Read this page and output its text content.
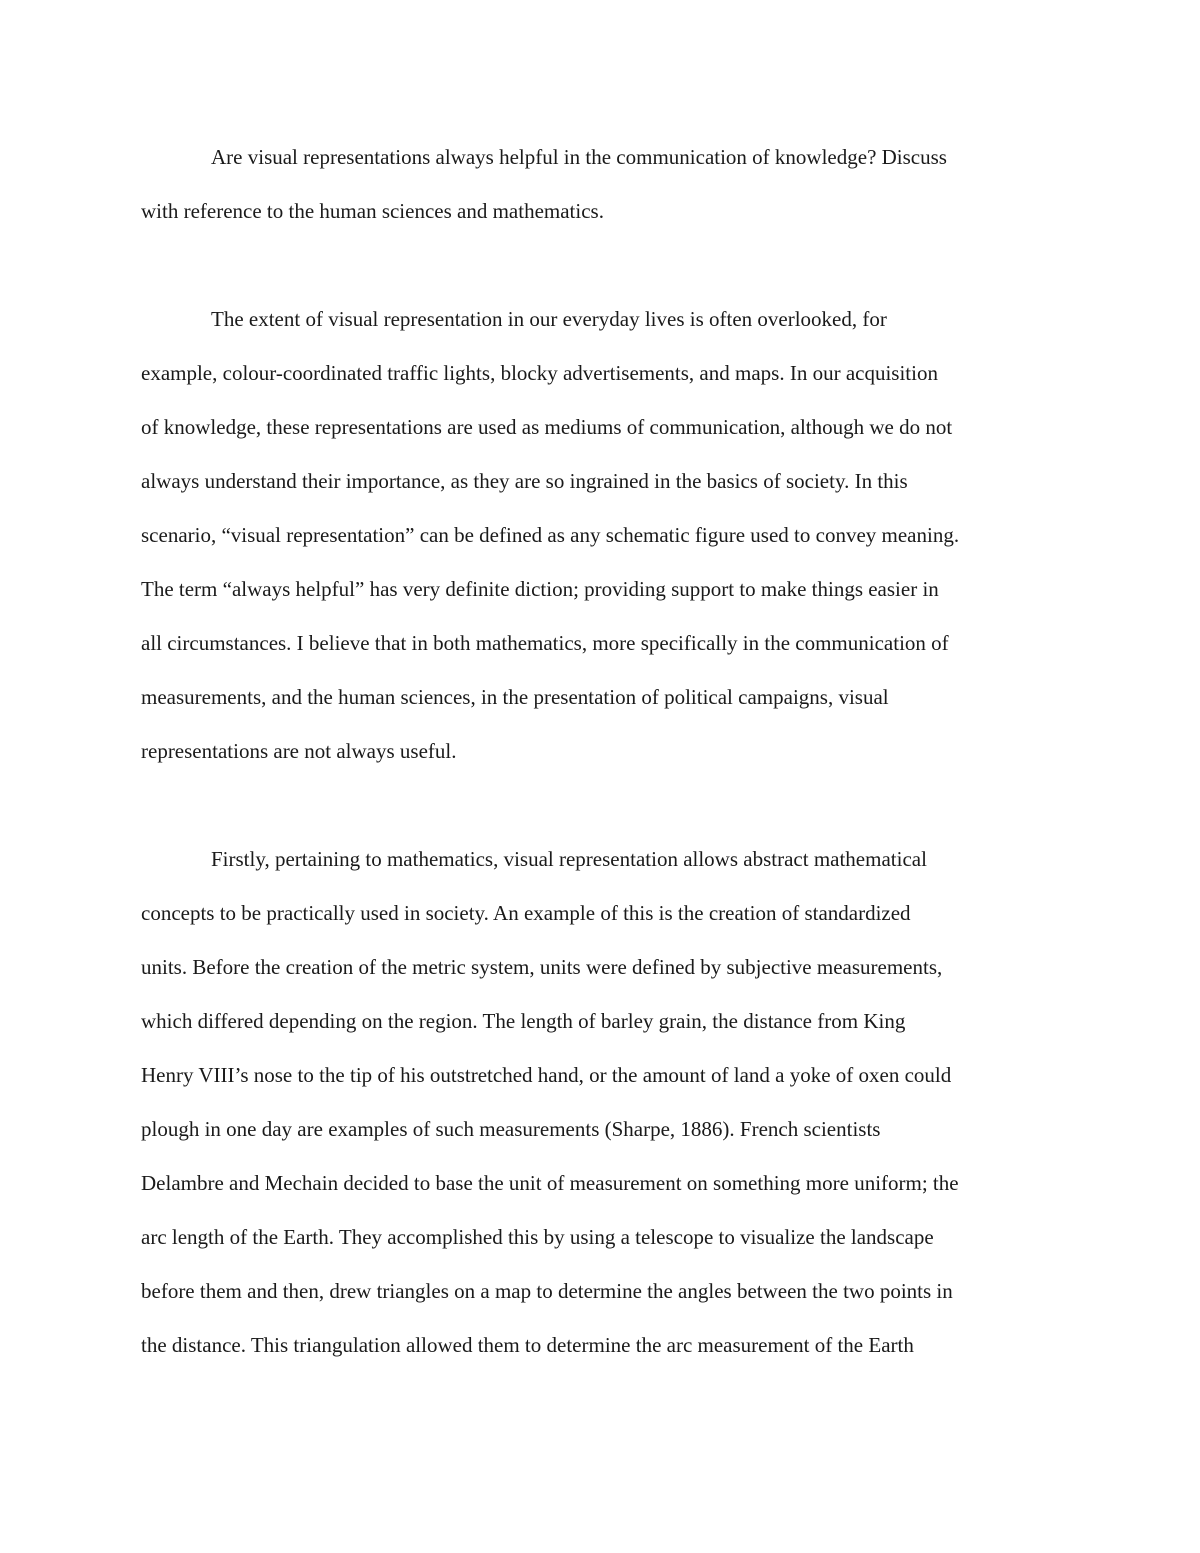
Are visual representations always helpful in the communication of knowledge? Discuss
with reference to the human sciences and mathematics.
The extent of visual representation in our everyday lives is often overlooked, for
example, colour-coordinated traffic lights, blocky advertisements, and maps. In our acquisition
of knowledge, these representations are used as mediums of communication, although we do not
always understand their importance, as they are so ingrained in the basics of society. In this
scenario, “visual representation” can be defined as any schematic figure used to convey meaning.
The term “always helpful” has very definite diction; providing support to make things easier in
all circumstances. I believe that in both mathematics, more specifically in the communication of
measurements, and the human sciences, in the presentation of political campaigns, visual
representations are not always useful.
Firstly, pertaining to mathematics, visual representation allows abstract mathematical
concepts to be practically used in society. An example of this is the creation of standardized
units. Before the creation of the metric system, units were defined by subjective measurements,
which differed depending on the region. The length of barley grain, the distance from King
Henry VIII’s nose to the tip of his outstretched hand, or the amount of land a yoke of oxen could
plough in one day are examples of such measurements (Sharpe, 1886). French scientists
Delambre and Mechain decided to base the unit of measurement on something more uniform; the
arc length of the Earth. They accomplished this by using a telescope to visualize the landscape
before them and then, drew triangles on a map to determine the angles between the two points in
the distance. This triangulation allowed them to determine the arc measurement of the Earth
